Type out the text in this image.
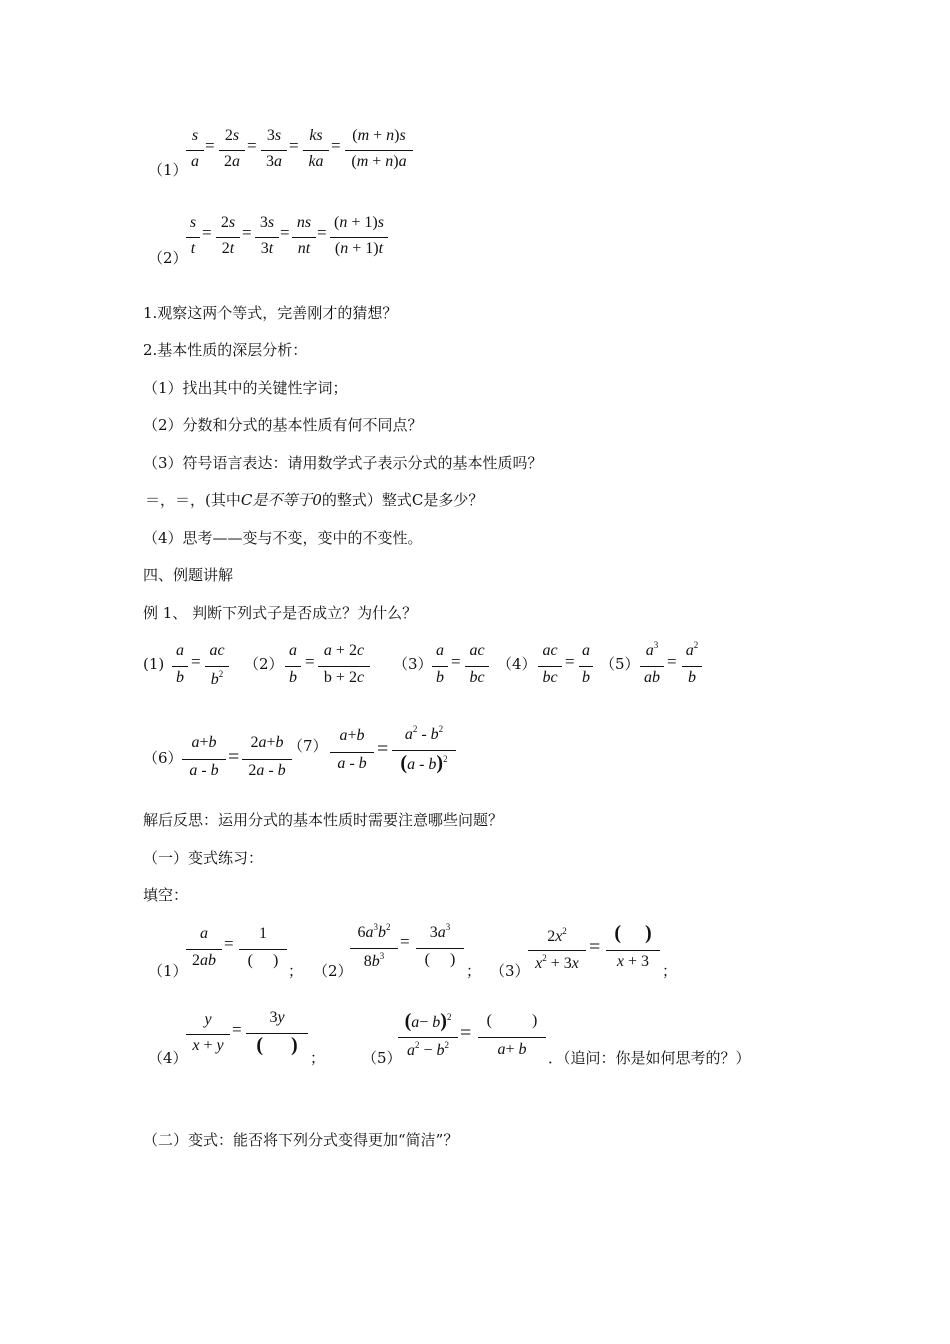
（1）
s
a
=
2s
2a
=
3s
3a
=
ks
ka
=
(m + n)s
(m + n)a
（2）
s
t
=
2s
2t
=
3s
3t
=
ns
nt
=
(n + 1)s
(n + 1)t
1.观察这两个等式，完善刚才的猜想？
2.基本性质的深层分析：
（1）找出其中的关键性字词；
（2）分数和分式的基本性质有何不同点？
（3）符号语言表达：请用数学式子表示分式的基本性质吗？
＝，＝，(其中C是不等于0的整式）整式C是多少？
（4）思考——变与不变，变中的不变性。
四、例题讲解
例 1、 判断下列式子是否成立？为什么？
(1)
a
b
=
ac
$b^2$
（2）
a
b
=
a + 2c
b + 2c
（3）
a
b
=
ac
bc
（4）
ac
bc
=
a
b
（5）
$a^3$
ab
=
$a^2$
b
（6）
a+b
a - b
=
2a+b
2a - b
（7）
a+b
a - b
=
$a^2 - b^2$
(a - b)$^2$
解后反思：运用分式的基本性质时需要注意哪些问题？
（一）变式练习：
填空：
（1）
a
2ab
=
1
(     )
； （2）
$6a^3b^2$
$8b^3$
=	$3a^3$
(     )
； （3）
$2x^2$
$x^2 + 3x$
=
( )
x + 3
；
（4）
y
x + y
=
3y
( )
； （5）
$(a- b)^2$
$a^2 - b^2$
=
(          )
a+ b	．（追问：你是如何思考的？）
（二）变式：能否将下列分式变得更加“简洁”？
